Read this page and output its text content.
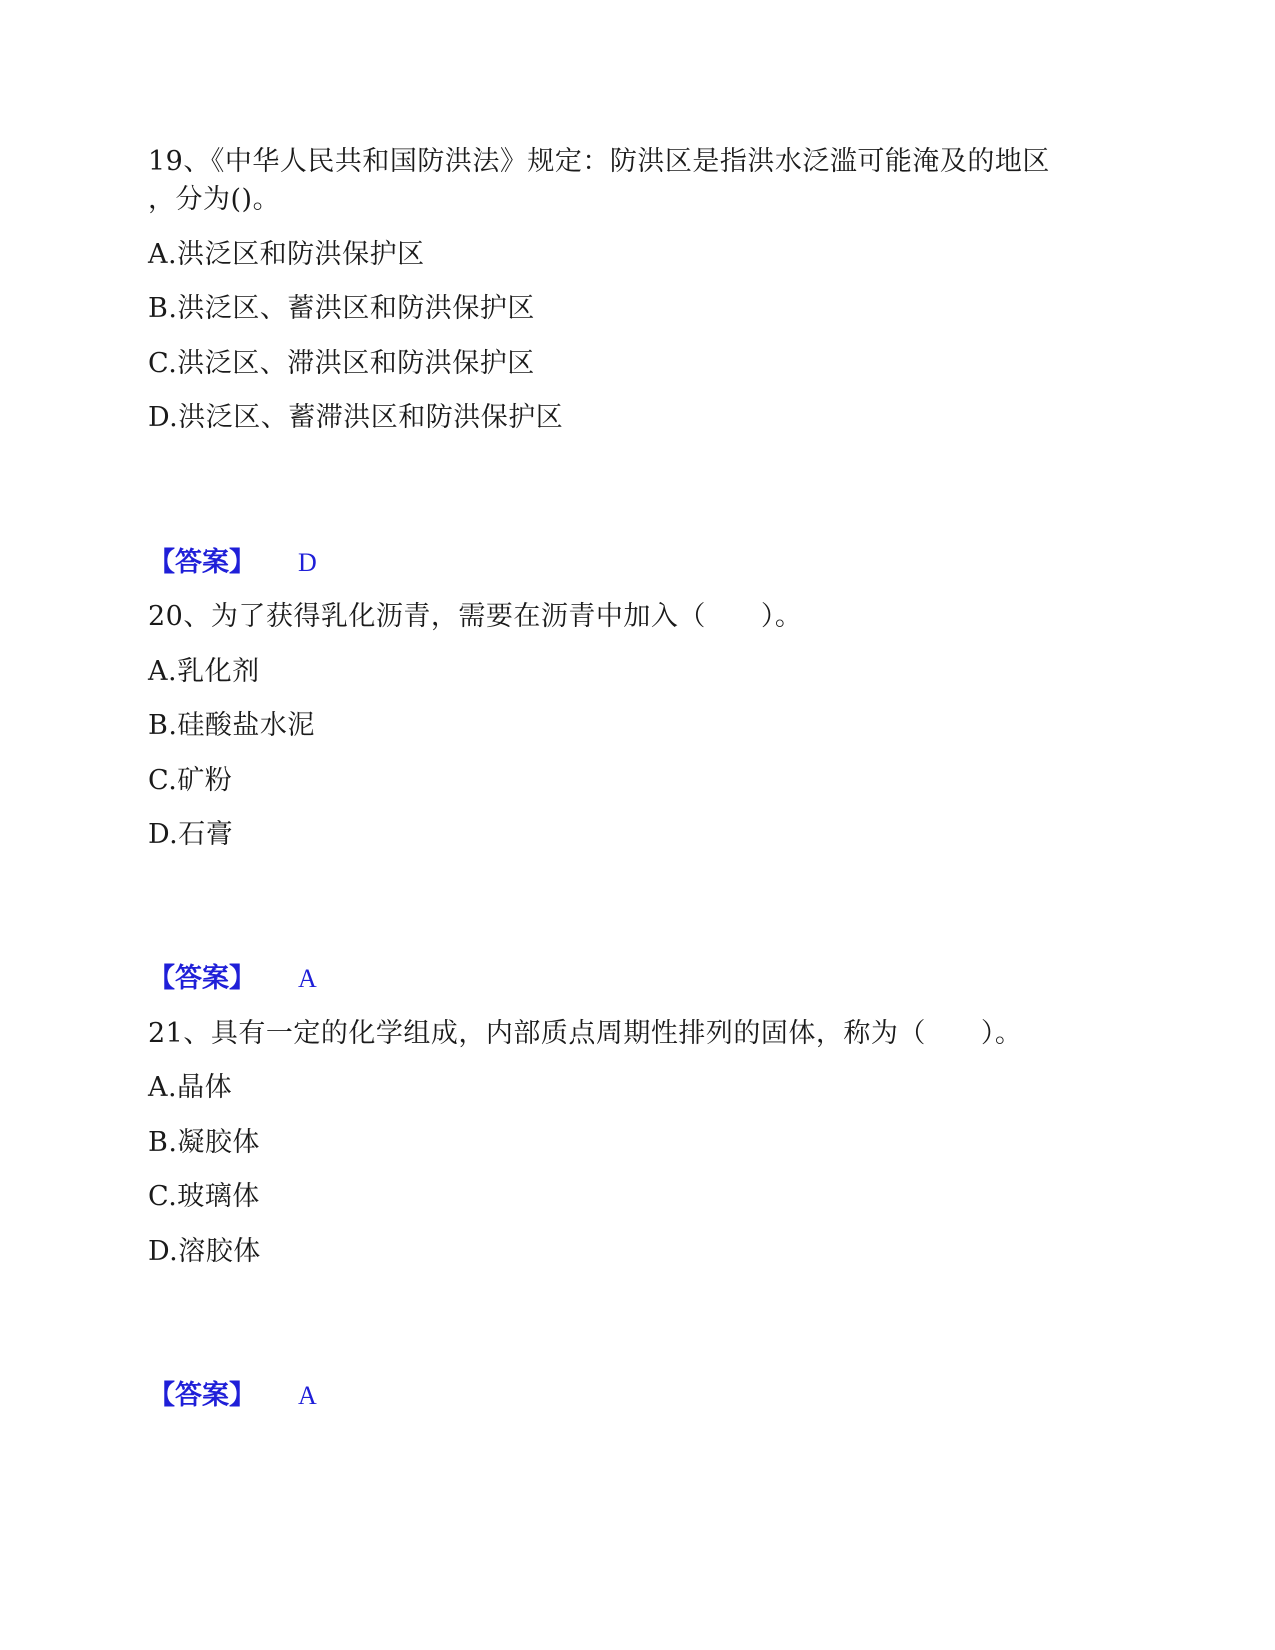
19、《中华人民共和国防洪法》规定：防洪区是指洪水泛滥可能淹及的地区
，分为()。
A.洪泛区和防洪保护区
B.洪泛区、蓄洪区和防洪保护区
C.洪泛区、滞洪区和防洪保护区
D.洪泛区、蓄滞洪区和防洪保护区
【答案】 D
20、为了获得乳化沥青，需要在沥青中加入（　　）。
A.乳化剂
B.硅酸盐水泥
C.矿粉
D.石膏
【答案】 A
21、具有一定的化学组成，内部质点周期性排列的固体，称为（　　）。
A.晶体
B.凝胶体
C.玻璃体
D.溶胶体
【答案】 A
